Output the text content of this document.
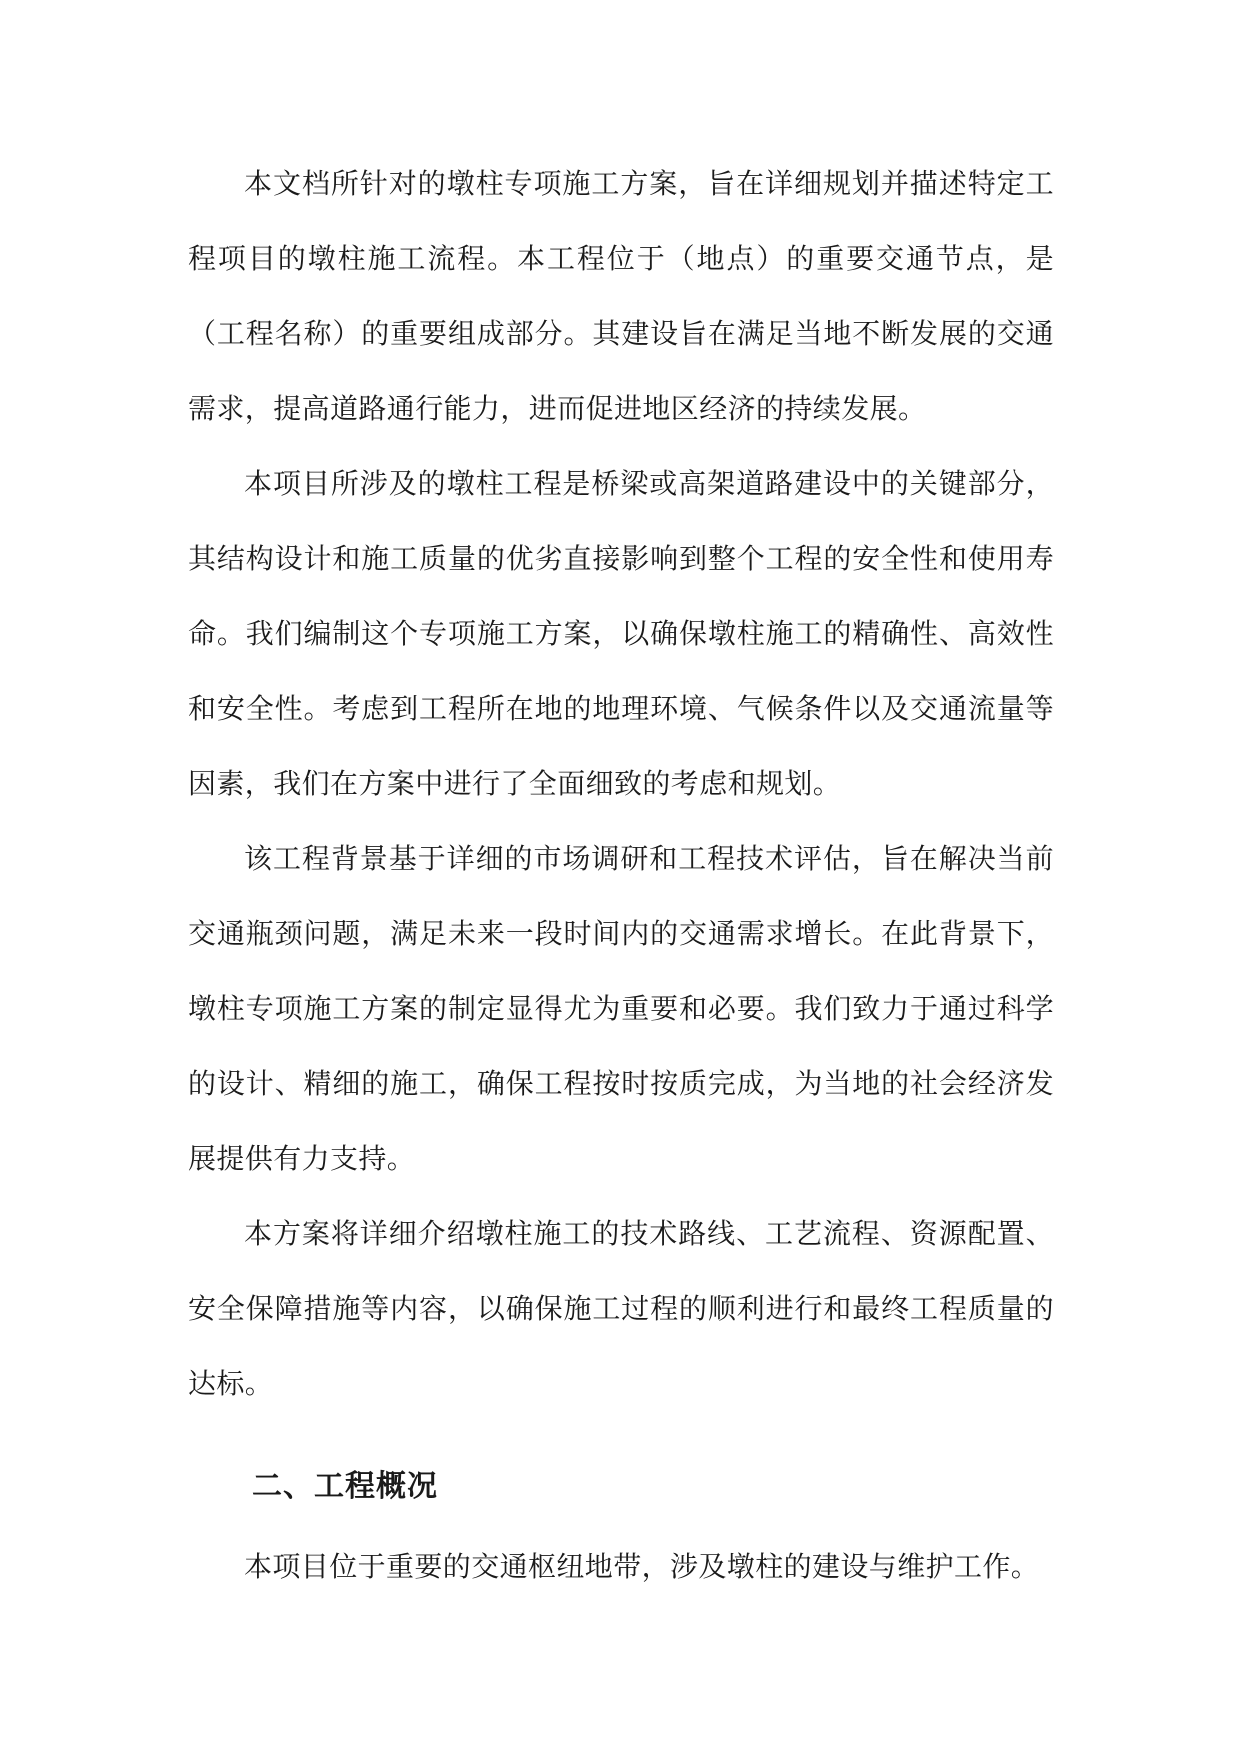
本文档所针对的墩柱专项施工方案，旨在详细规划并描述特定工程项目的墩柱施工流程。本工程位于（地点）的重要交通节点，是（工程名称）的重要组成部分。其建设旨在满足当地不断发展的交通需求，提高道路通行能力，进而促进地区经济的持续发展。

本项目所涉及的墩柱工程是桥梁或高架道路建设中的关键部分，其结构设计和施工质量的优劣直接影响到整个工程的安全性和使用寿命。我们编制这个专项施工方案，以确保墩柱施工的精确性、高效性和安全性。考虑到工程所在地的地理环境、气候条件以及交通流量等因素，我们在方案中进行了全面细致的考虑和规划。

该工程背景基于详细的市场调研和工程技术评估，旨在解决当前交通瓶颈问题，满足未来一段时间内的交通需求增长。在此背景下，墩柱专项施工方案的制定显得尤为重要和必要。我们致力于通过科学的设计、精细的施工，确保工程按时按质完成，为当地的社会经济发展提供有力支持。

本方案将详细介绍墩柱施工的技术路线、工艺流程、资源配置、安全保障措施等内容，以确保施工过程的顺利进行和最终工程质量的达标。

二、工程概况

本项目位于重要的交通枢纽地带，涉及墩柱的建设与维护工作。
